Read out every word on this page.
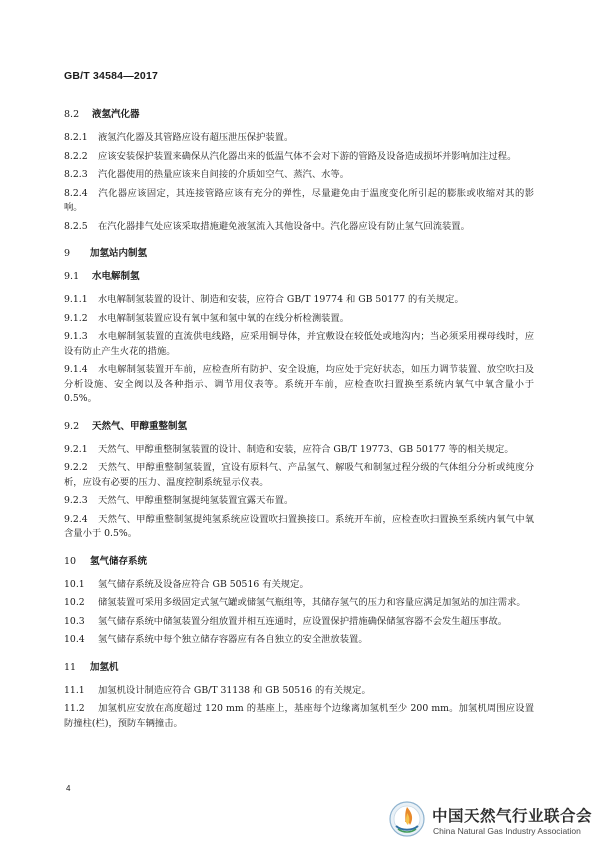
GB/T 34584—2017
8.2 液氢汽化器
8.2.1 液氢汽化器及其管路应设有超压泄压保护装置。
8.2.2 应该安装保护装置来确保从汽化器出来的低温气体不会对下游的管路及设备造成损坏并影响加注过程。
8.2.3 汽化器使用的热量应该来自间接的介质如空气、蒸汽、水等。
8.2.4 汽化器应该固定，其连接管路应该有充分的弹性，尽量避免由于温度变化所引起的膨胀或收缩对其的影响。
8.2.5 在汽化器排气处应该采取措施避免液氢流入其他设备中。汽化器应设有防止氢气回流装置。
9 加氢站内制氢
9.1 水电解制氢
9.1.1 水电解制氢装置的设计、制造和安装，应符合 GB/T 19774 和 GB 50177 的有关规定。
9.1.2 水电解制氢装置应设有氧中氢和氢中氧的在线分析检测装置。
9.1.3 水电解制氢装置的直流供电线路，应采用铜导体，并宜敷设在较低处或地沟内；当必须采用裸母线时，应设有防止产生火花的措施。
9.1.4 水电解制氢装置开车前，应检查所有防护、安全设施，均应处于完好状态，如压力调节装置、放空吹扫及分析设施、安全阀以及各种指示、调节用仪表等。系统开车前，应检查吹扫置换至系统内氧气中氧含量小于 0.5%。
9.2 天然气、甲醇重整制氢
9.2.1 天然气、甲醇重整制氢装置的设计、制造和安装，应符合 GB/T 19773、GB 50177 等的相关规定。
9.2.2 天然气、甲醇重整制氢装置，宜设有原料气、产品氢气、解吸气和制氢过程分级的气体组分分析或纯度分析，应设有必要的压力、温度控制系统显示仪表。
9.2.3 天然气、甲醇重整制氢提纯氢装置宜露天布置。
9.2.4 天然气、甲醇重整制氢提纯氢系统应设置吹扫置换接口。系统开车前，应检查吹扫置换至系统内氧气中氧含量小于 0.5%。
10 氢气储存系统
10.1 氢气储存系统及设备应符合 GB 50516 有关规定。
10.2 储氢装置可采用多级固定式氢气罐或储氢气瓶组等，其储存氢气的压力和容量应满足加氢站的加注需求。
10.3 氢气储存系统中储氢装置分组放置并相互连通时，应设置保护措施确保储氢容器不会发生超压事故。
10.4 氢气储存系统中每个独立储存容器应有各自独立的安全泄放装置。
11 加氢机
11.1 加氢机设计制造应符合 GB/T 31138 和 GB 50516 的有关规定。
11.2 加氢机应安放在高度超过 120 mm 的基座上，基座每个边缘离加氢机至少 200 mm。加氢机周围应设置防撞柱(栏)，预防车辆撞击。
4
中国天然气行业联合会
China Natural Gas Industry Association
